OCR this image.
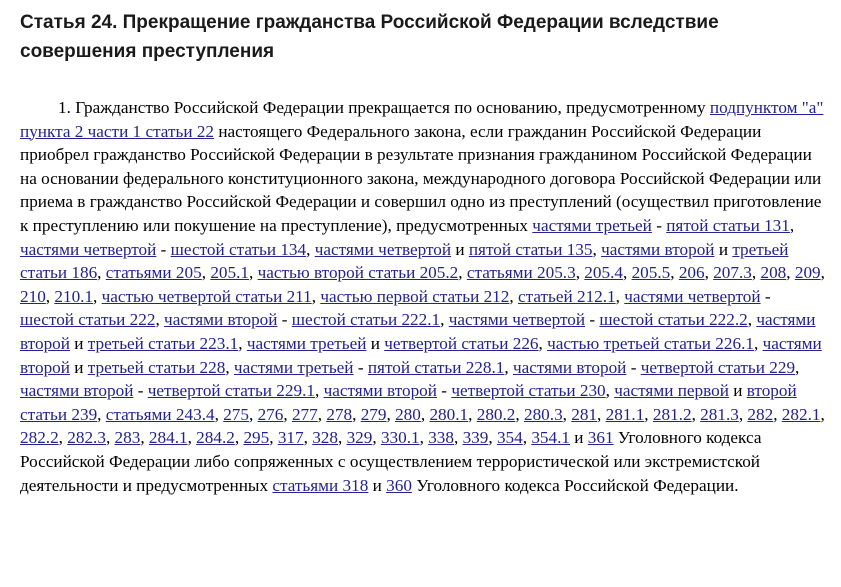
Статья 24. Прекращение гражданства Российской Федерации вследствие совершения преступления

1. Гражданство Российской Федерации прекращается по основанию, предусмотренному подпунктом "а" пункта 2 части 1 статьи 22 настоящего Федерального закона, если гражданин Российской Федерации приобрел гражданство Российской Федерации в результате признания гражданином Российской Федерации на основании федерального конституционного закона, международного договора Российской Федерации или приема в гражданство Российской Федерации и совершил одно из преступлений (осуществил приготовление к преступлению или покушение на преступление), предусмотренных частями третьей - пятой статьи 131, частями четвертой - шестой статьи 134, частями четвертой и пятой статьи 135, частями второй и третьей статьи 186, статьями 205, 205.1, частью второй статьи 205.2, статьями 205.3, 205.4, 205.5, 206, 207.3, 208, 209, 210, 210.1, частью четвертой статьи 211, частью первой статьи 212, статьей 212.1, частями четвертой - шестой статьи 222, частями второй - шестой статьи 222.1, частями четвертой - шестой статьи 222.2, частями второй и третьей статьи 223.1, частями третьей и четвертой статьи 226, частью третьей статьи 226.1, частями второй и третьей статьи 228, частями третьей - пятой статьи 228.1, частями второй - четвертой статьи 229, частями второй - четвертой статьи 229.1, частями второй - четвертой статьи 230, частями первой и второй статьи 239, статьями 243.4, 275, 276, 277, 278, 279, 280, 280.1, 280.2, 280.3, 281, 281.1, 281.2, 281.3, 282, 282.1, 282.2, 282.3, 283, 284.1, 284.2, 295, 317, 328, 329, 330.1, 338, 339, 354, 354.1 и 361 Уголовного кодекса Российской Федерации либо сопряженных с осуществлением террористической или экстремистской деятельности и предусмотренных статьями 318 и 360 Уголовного кодекса Российской Федерации.
